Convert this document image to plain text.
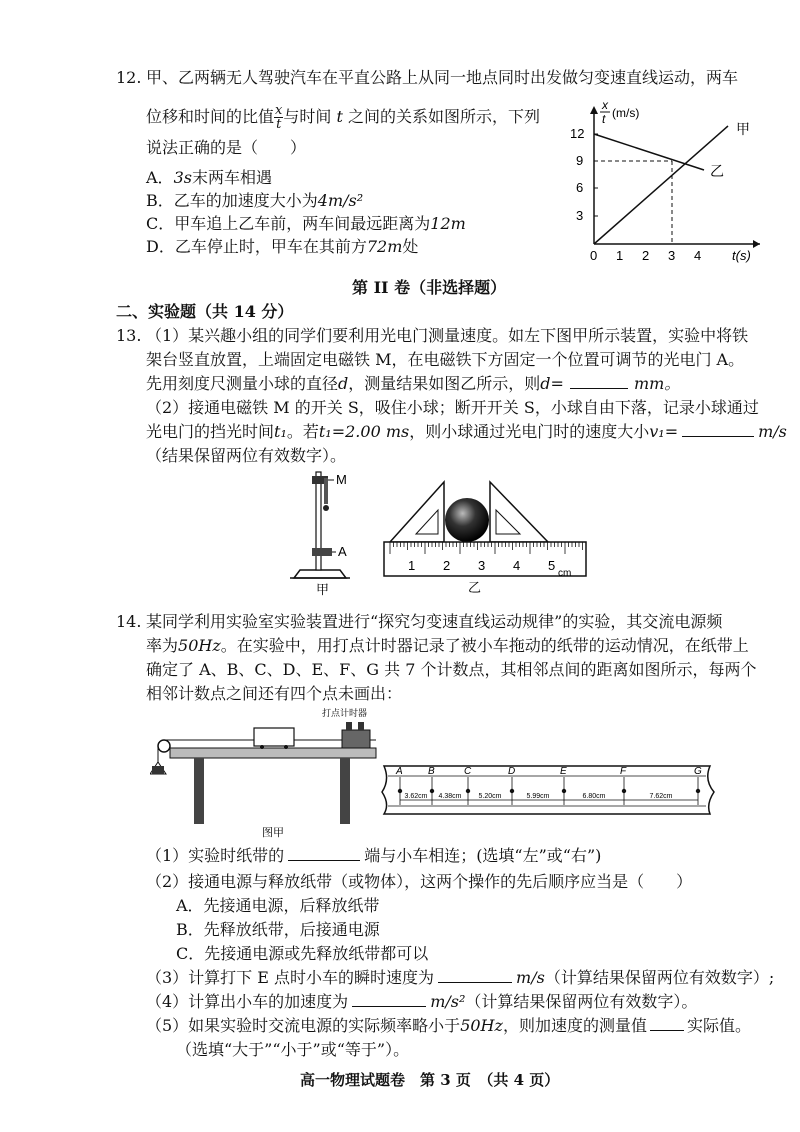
12. 甲、乙两辆无人驾驶汽车在平直公路上从同一地点同时出发做匀变速直线运动，两车
位移和时间的比值 $\frac{x}{t}$ 与时间 t 之间的关系如图所示，下列
说法正确的是（　　）
A．3s末两车相遇
B．乙车的加速度大小为4m/s²
C．甲车追上乙车前，两车间最远距离为12m
D．乙车停止时，甲车在其前方72m处
x
t (m/s)
12
9
6
3
0 1 2 3 4 t(s)
甲
乙
第 II 卷（非选择题）
二、实验题（共 14 分）
13. （1）某兴趣小组的同学们要利用光电门测量速度。如左下图甲所示装置，实验中将铁
架台竖直放置，上端固定电磁铁 M，在电磁铁下方固定一个位置可调节的光电门 A。
先用刻度尺测量小球的直径d，测量结果如图乙所示，则d=	mm。
（2）接通电磁铁 M 的开关 S，吸住小球；断开开关 S，小球自由下落，记录小球通过
光电门的挡光时间t₁。若t₁=2.00 ms，则小球通过光电门时的速度大小v₁=	m/s
（结果保留两位有效数字）。
M
A
甲
1 2 3 4 5
cm
乙
14. 某同学利用实验室实验装置进行“探究匀变速直线运动规律”的实验，其交流电源频
率为50Hz。在实验中，用打点计时器记录了被小车拖动的纸带的运动情况，在纸带上
确定了 A、B、C、D、E、F、G 共 7 个计数点，其相邻点间的距离如图所示，每两个
相邻计数点之间还有四个点未画出：
打点计时器
图甲
A	B	C	D	E	F	G
3.62cm 4.38cm 5.20cm	5.99cm	6.80cm	7.62cm
（1）实验时纸带的	端与小车相连；(选填“左”或“右”)
（2）接通电源与释放纸带（或物体），这两个操作的先后顺序应当是（　　）
A．先接通电源，后释放纸带
B．先释放纸带，后接通电源
C．先接通电源或先释放纸带都可以
（3）计算打下 E 点时小车的瞬时速度为	m/s（计算结果保留两位有效数字）;
（4）计算出小车的加速度为	m/s²（计算结果保留两位有效数字）。
（5）如果实验时交流电源的实际频率略小于50Hz，则加速度的测量值	实际值。
（选填“大于”“小于”或“等于”）。
高一物理试题卷　第 3 页　（共 4 页）
